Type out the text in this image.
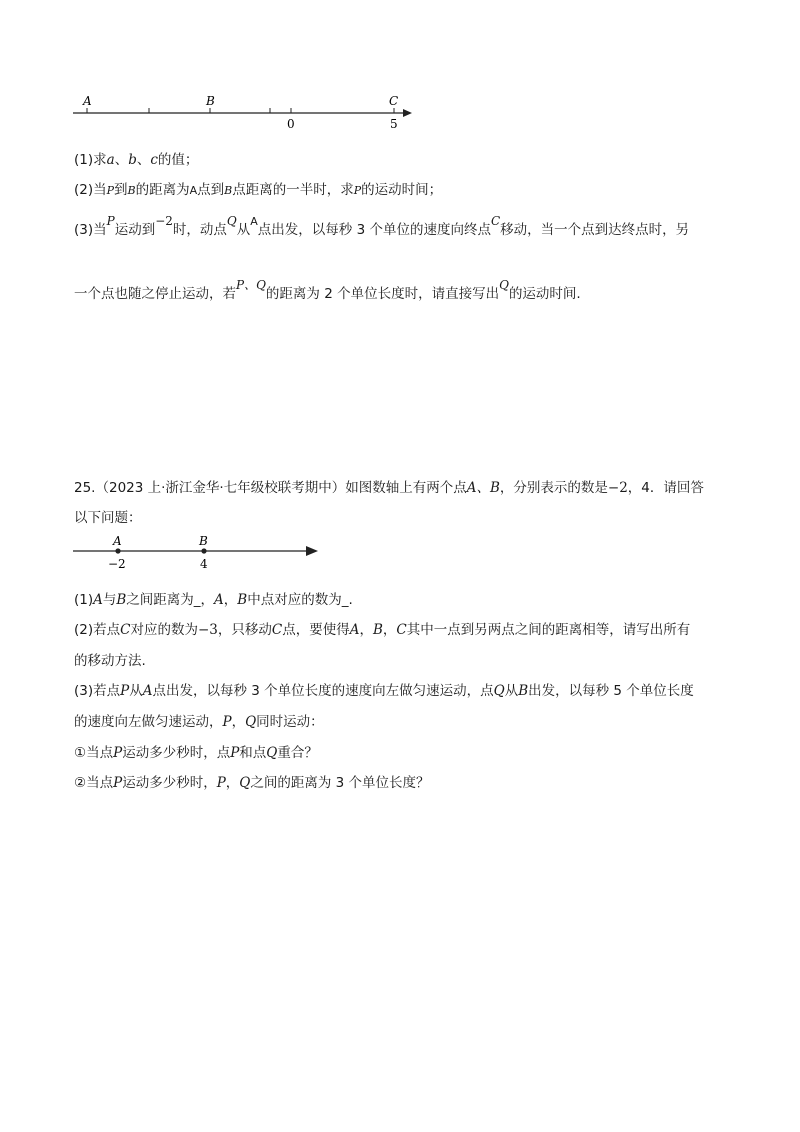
A	B	C
0	5
(1)求a、b、c的值；
(2)当P到B的距离为A点到B点距离的一半时，求P的运动时间；
(3)当P运动到−2时，动点Q从$^A$点出发，以每秒 3 个单位的速度向终点C移动，当一个点到达终点时，另
一个点也随之停止运动，若P、Q的距离为 2 个单位长度时，请直接写出Q的运动时间.
25.（2023 上·浙江金华·七年级校联考期中）如图数轴上有两个点A、B，分别表示的数是−2，4．请回答
以下问题：
A	B
−2	4
(1)A与B之间距离为_，A，B中点对应的数为_.
(2)若点C对应的数为−3，只移动C点，要使得A，B，C其中一点到另两点之间的距离相等，请写出所有
的移动方法.
(3)若点P从A点出发，以每秒 3 个单位长度的速度向左做匀速运动，点Q从B出发，以每秒 5 个单位长度
的速度向左做匀速运动，P，Q同时运动：
①当点P运动多少秒时，点P和点Q重合？
②当点P运动多少秒时，P，Q之间的距离为 3 个单位长度？
